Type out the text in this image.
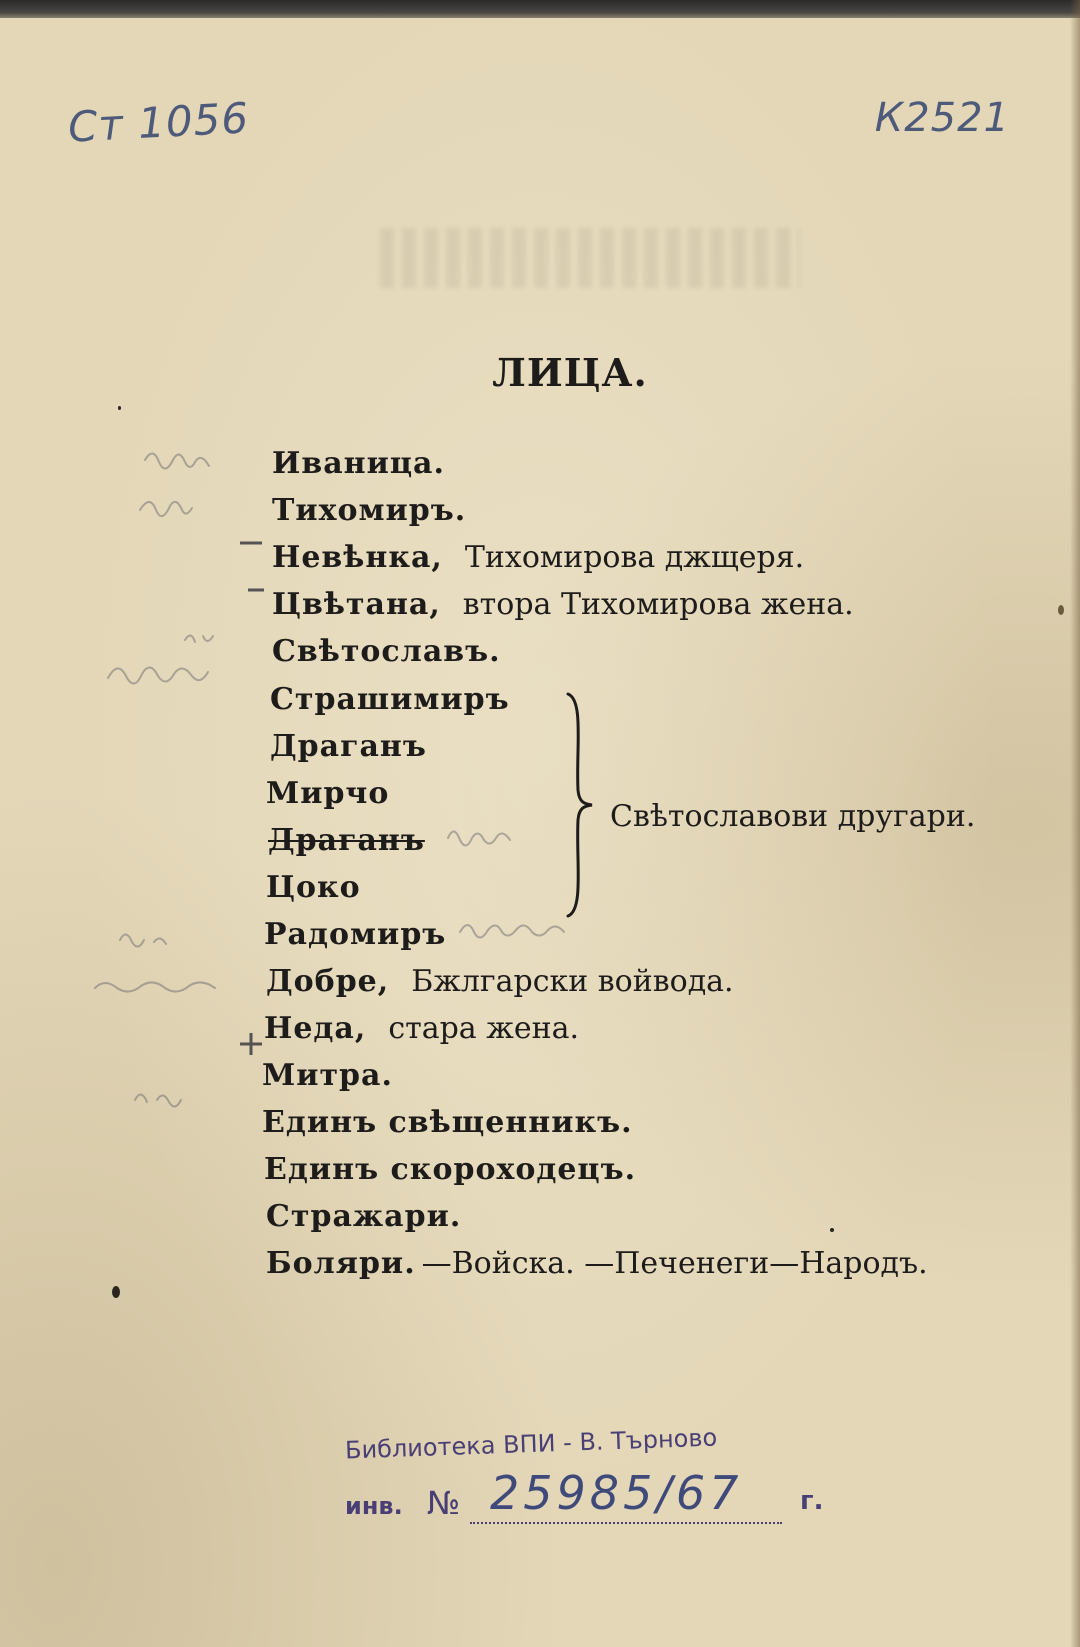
Ст 1056	К2521
ЛИЦА.
Иваница.
Тихомиръ.
Невѣнка, Тихомирова джщеря.
Цвѣтана, втора Тихомирова жена.
Свѣтославъ.
Страшимиръ
Драганъ
Мирчо
Драганъ
Цоко
Радомиръ
Добре, Бжлгарски войвода.
Неда, стара жена.
Митра.
Единъ свѣщенникъ.
Единъ скороходецъ.
Стражари.
Боляри. —Войска. —Печенеги—Народъ.
Свѣтославови другари.
Библиотека ВПИ - В. Търново
инв. № 25985/67	г.
